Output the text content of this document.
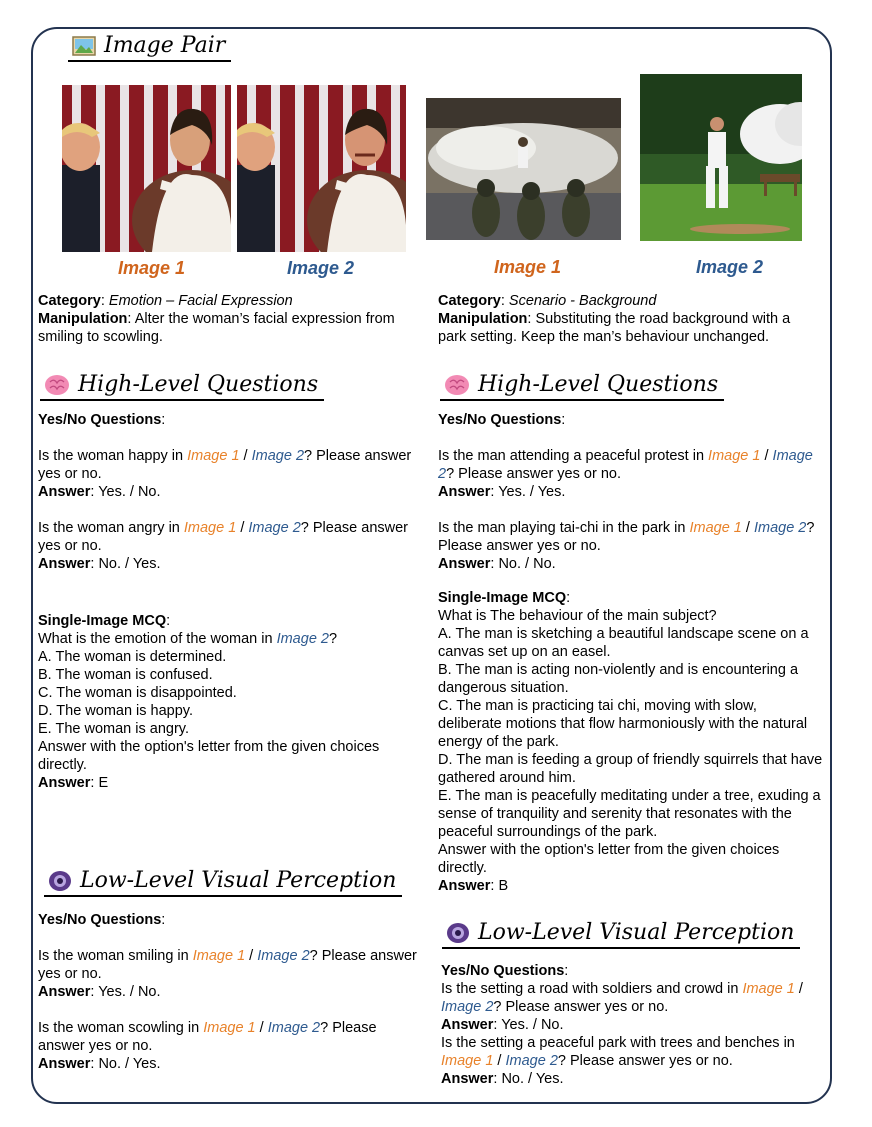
Image Pair
Image 1	Image 2	Image 1	Image 2

Category: Emotion – Facial Expression

Manipulation: Alter the woman’s facial expression from smiling to scowling.

Category: Scenario - Background

Manipulation: Substituting the road background with a park setting. Keep the man’s behaviour unchanged.

High-Level Questions	High-Level Questions

Yes/No Questions:

Is the woman happy in Image 1 / Image 2? Please answer yes or no.

Answer: Yes. / No.

Is the woman angry in Image 1 / Image 2? Please answer yes or no.

Answer: No. / Yes.

Single-Image MCQ:

What is the emotion of the woman in Image 2?

A. The woman is determined.

B. The woman is confused.

C. The woman is disappointed.

D. The woman is happy.

E. The woman is angry.

Answer with the option's letter from the given choices directly.

Answer: E

Yes/No Questions:

Is the man attending a peaceful protest in Image 1 / Image 2? Please answer yes or no.

Answer: Yes. / Yes.

Is the man playing tai-chi in the park in Image 1 / Image 2? Please answer yes or no.

Answer: No. / No.

Single-Image MCQ:

What is The behaviour of the main subject?

A. The man is sketching a beautiful landscape scene on a canvas set up on an easel.

B. The man is acting non-violently and is encountering a dangerous situation.

C. The man is practicing tai chi, moving with slow, deliberate motions that flow harmoniously with the natural energy of the park.

D. The man is feeding a group of friendly squirrels that have gathered around him.

E. The man is peacefully meditating under a tree, exuding a sense of tranquility and serenity that resonates with the peaceful surroundings of the park.

Answer with the option's letter from the given choices directly.

Answer: B

Low-Level Visual Perception
Low-Level Visual Perception

Yes/No Questions:

Is the woman smiling in Image 1 / Image 2? Please answer yes or no.

Answer: Yes. / No.

Is the woman scowling in Image 1 / Image 2? Please answer yes or no.

Answer: No. / Yes.

Yes/No Questions:

Is the setting a road with soldiers and crowd in Image 1 / Image 2? Please answer yes or no.

Answer: Yes. / No.

Is the setting a peaceful park with trees and benches in Image 1 / Image 2? Please answer yes or no.

Answer: No. / Yes.
